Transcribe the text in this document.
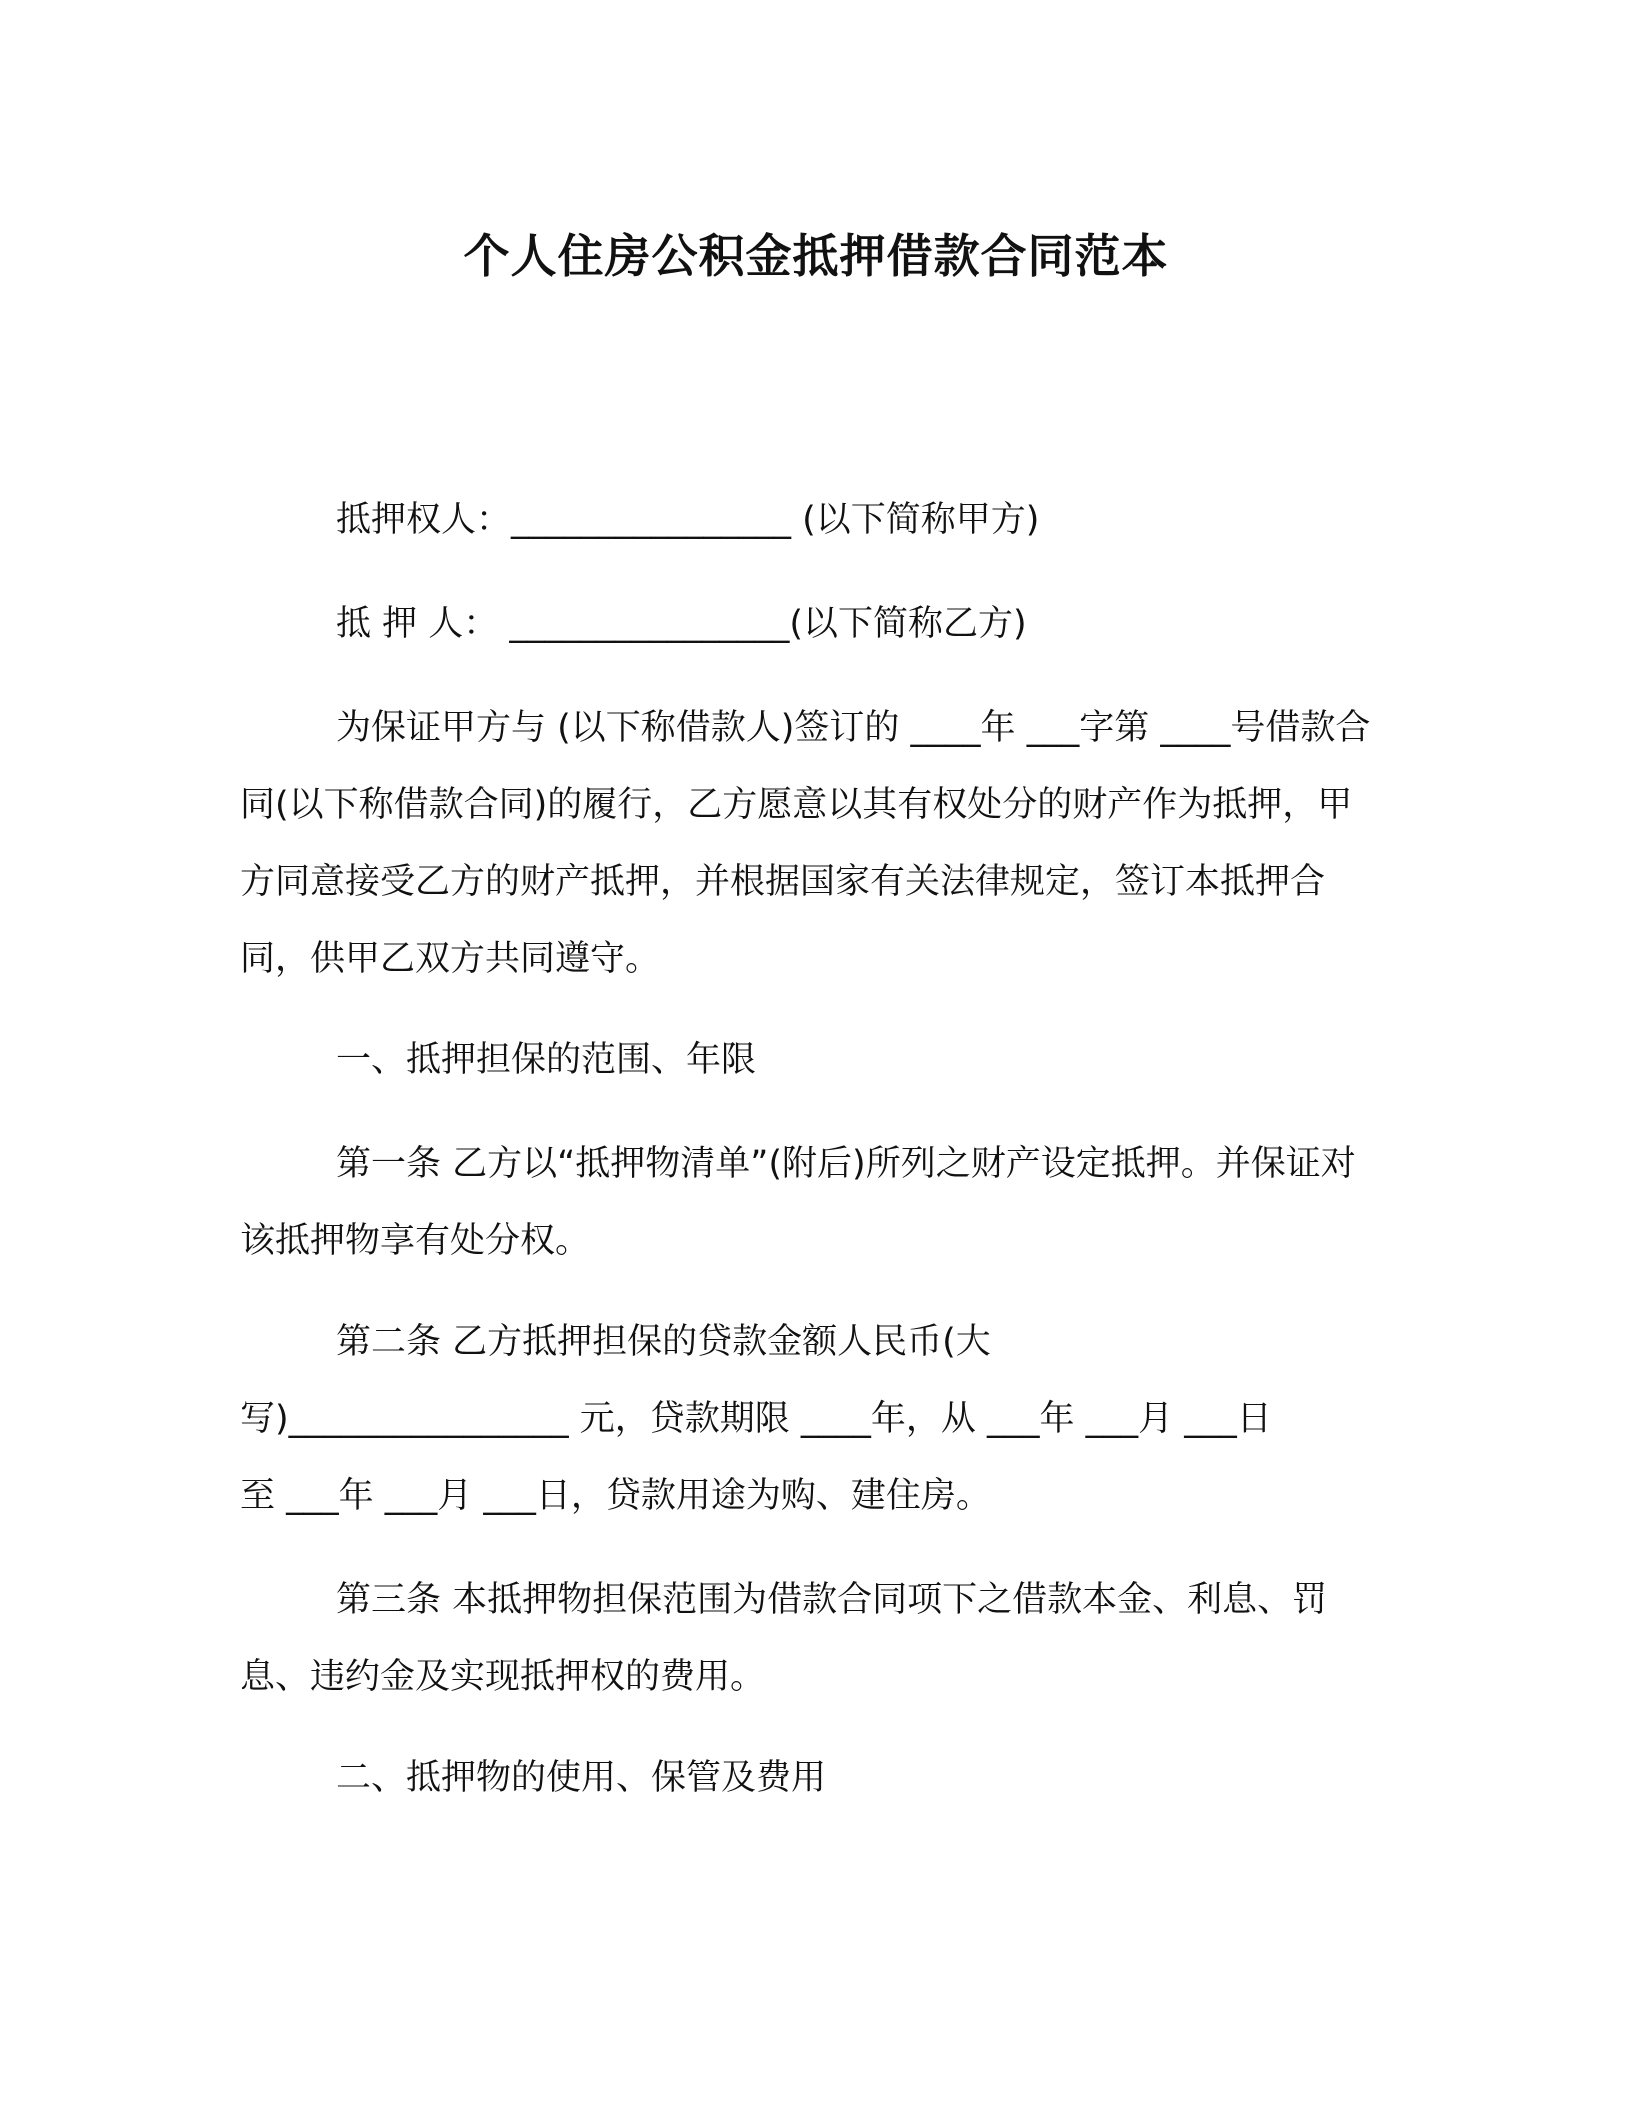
个人住房公积金抵押借款合同范本

抵押权人：________________ (以下简称甲方)

抵 押 人： ________________(以下简称乙方)

为保证甲方与 (以下称借款人)签订的 ____年 ___字第 ____号借款合同(以下称借款合同)的履行，乙方愿意以其有权处分的财产作为抵押，甲方同意接受乙方的财产抵押，并根据国家有关法律规定，签订本抵押合同，供甲乙双方共同遵守。

一、抵押担保的范围、年限

第一条 乙方以“抵押物清单”(附后)所列之财产设定抵押。并保证对该抵押物享有处分权。

第二条 乙方抵押担保的贷款金额人民币(大
写)________________ 元，贷款期限 ____年，从 ___年 ___月 ___日
至 ___年 ___月 ___日，贷款用途为购、建住房。

第三条 本抵押物担保范围为借款合同项下之借款本金、利息、罚息、违约金及实现抵押权的费用。

二、抵押物的使用、保管及费用
